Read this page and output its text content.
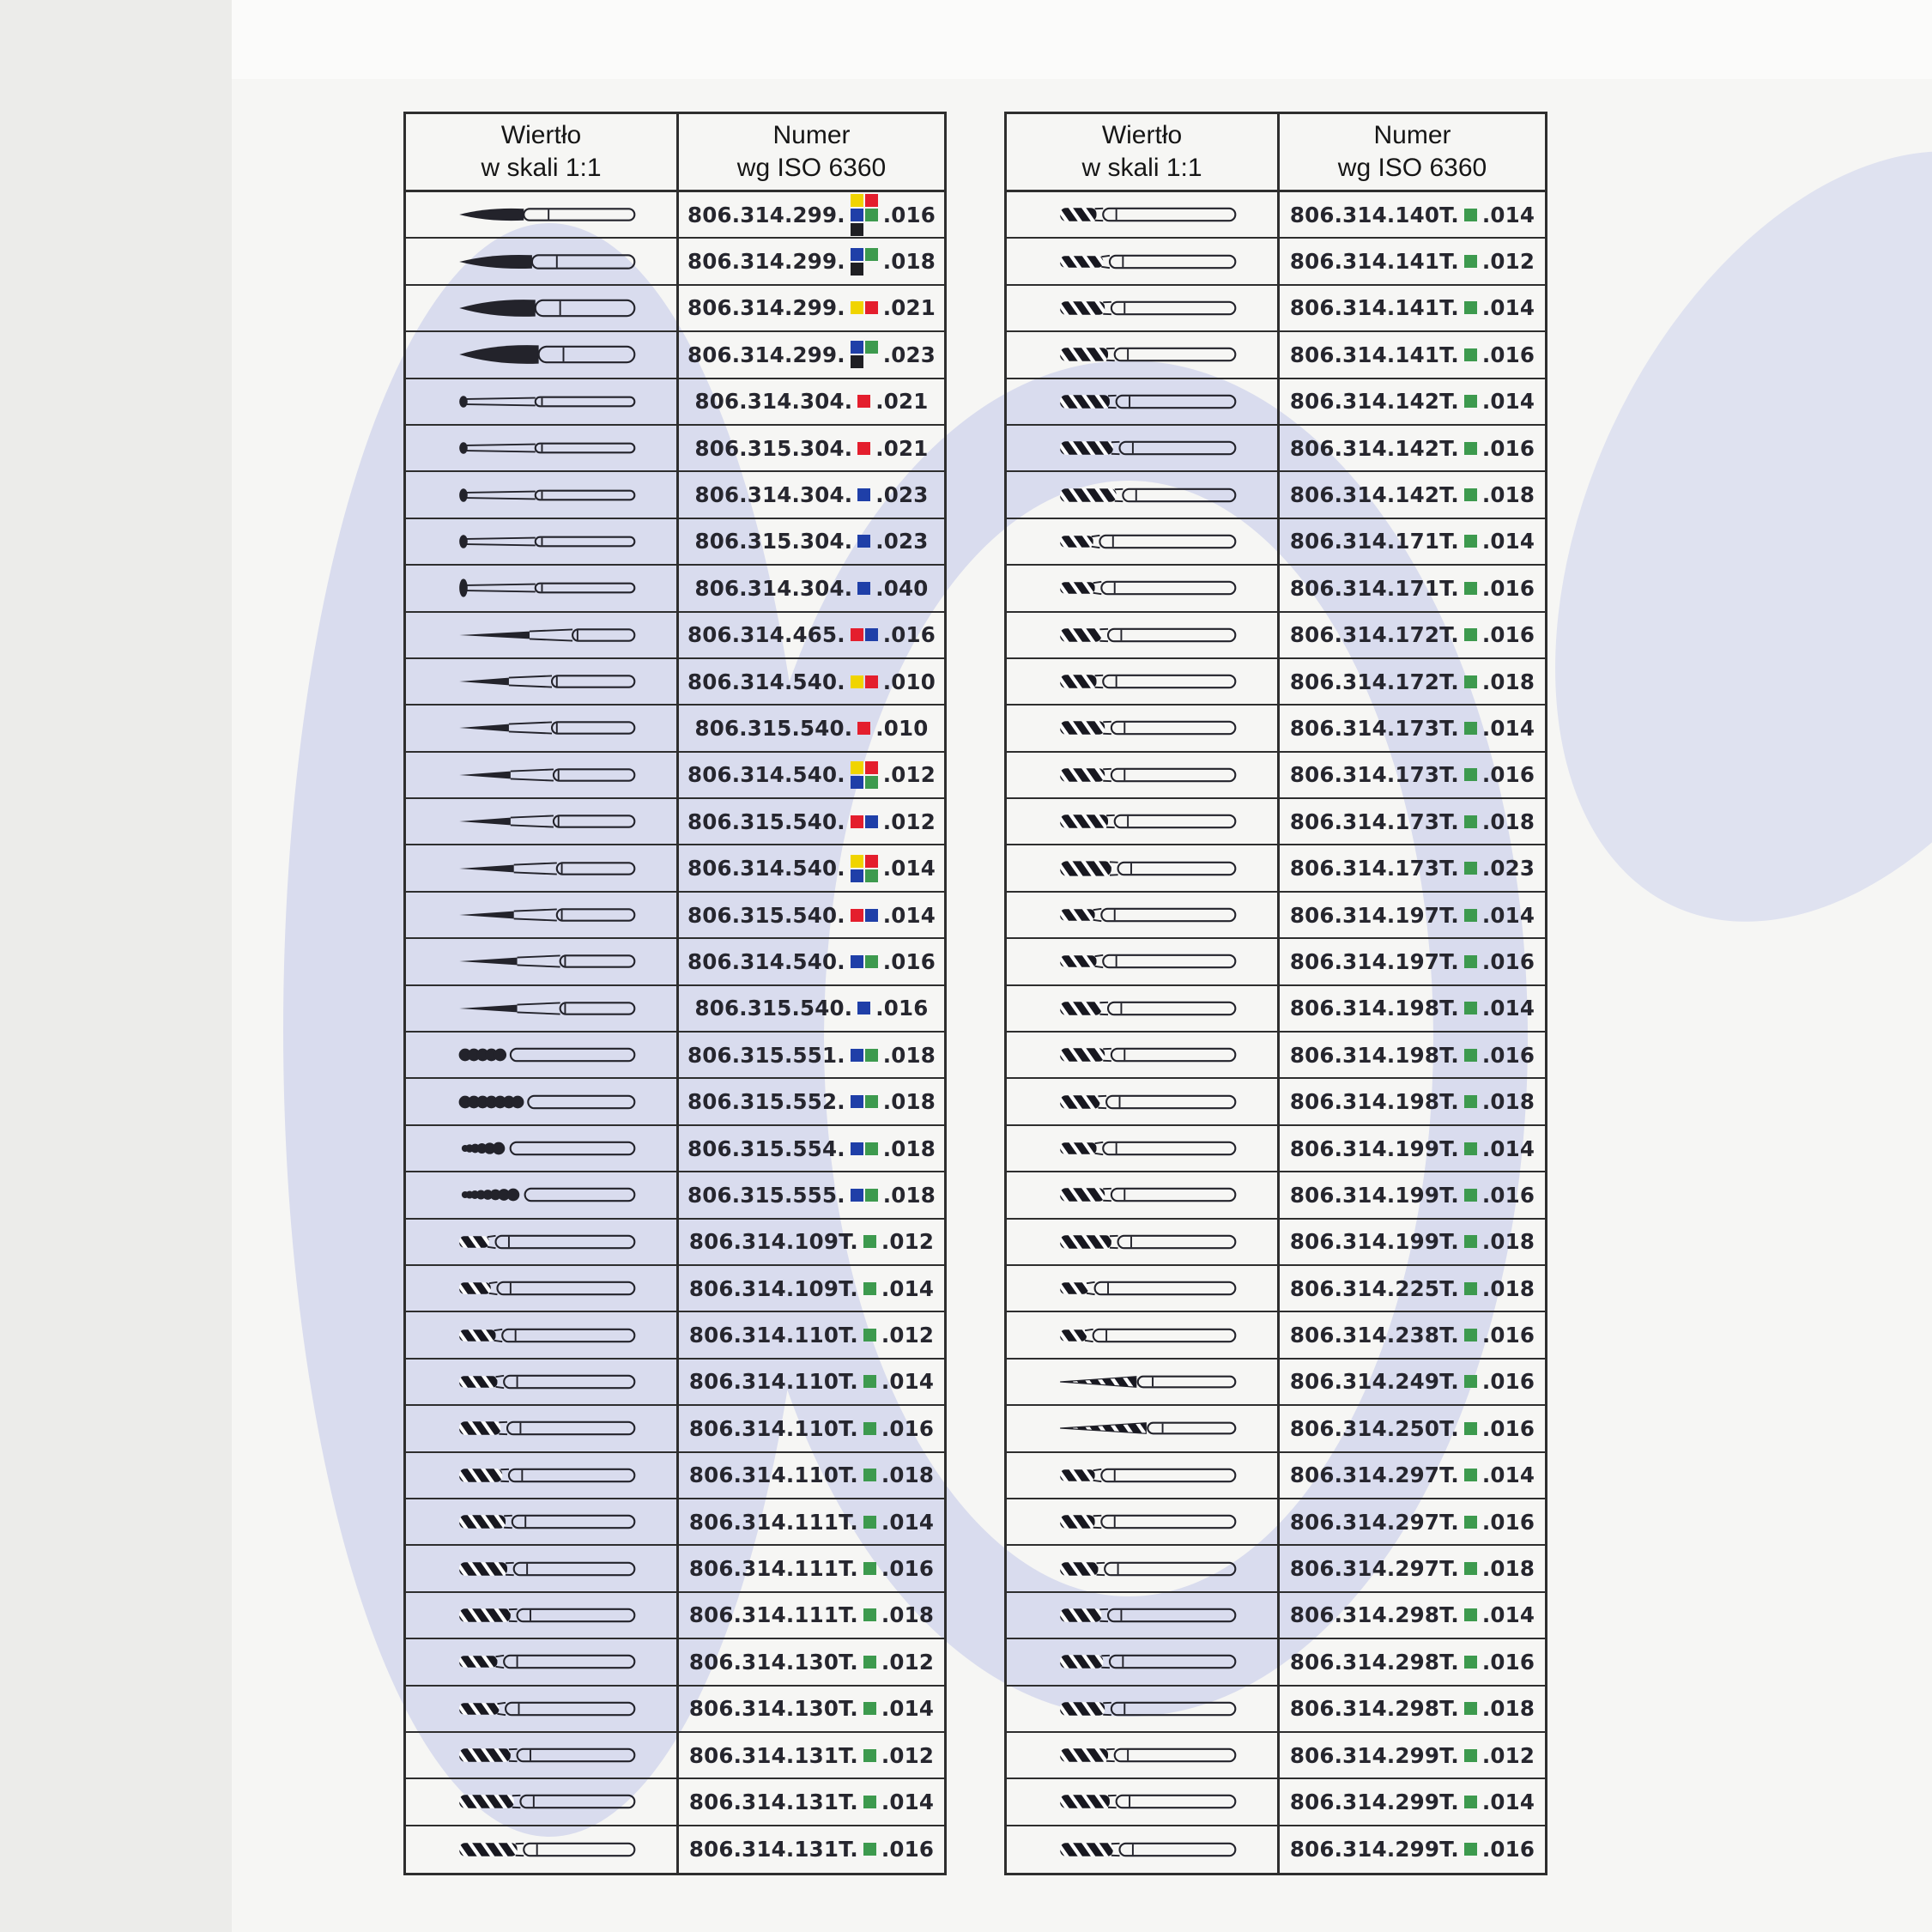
Wiertło
w skali 1:1
Numer
wg ISO 6360
806.314.299. .016
806.314.299. .018
806.314.299. .021
806.314.299. .023
806.314.304. .021
806.315.304. .021
806.314.304. .023
806.315.304. .023
806.314.304. .040
806.314.465. .016
806.314.540. .010
806.315.540. .010
806.314.540. .012
806.315.540. .012
806.314.540. .014
806.315.540. .014
806.314.540. .016
806.315.540. .016
806.315.551. .018
806.315.552. .018
806.315.554. .018
806.315.555. .018
806.314.109T. .012
806.314.109T. .014
806.314.110T. .012
806.314.110T. .014
806.314.110T. .016
806.314.110T. .018
806.314.111T. .014
806.314.111T. .016
806.314.111T. .018
806.314.130T. .012
806.314.130T. .014
806.314.131T. .012
806.314.131T. .014
806.314.131T. .016
Wiertło
w skali 1:1
Numer
wg ISO 6360
806.314.140T. .014
806.314.141T. .012
806.314.141T. .014
806.314.141T. .016
806.314.142T. .014
806.314.142T. .016
806.314.142T. .018
806.314.171T. .014
806.314.171T. .016
806.314.172T. .016
806.314.172T. .018
806.314.173T. .014
806.314.173T. .016
806.314.173T. .018
806.314.173T. .023
806.314.197T. .014
806.314.197T. .016
806.314.198T. .014
806.314.198T. .016
806.314.198T. .018
806.314.199T. .014
806.314.199T. .016
806.314.199T. .018
806.314.225T. .018
806.314.238T. .016
806.314.249T. .016
806.314.250T. .016
806.314.297T. .014
806.314.297T. .016
806.314.297T. .018
806.314.298T. .014
806.314.298T. .016
806.314.298T. .018
806.314.299T. .012
806.314.299T. .014
806.314.299T. .016
